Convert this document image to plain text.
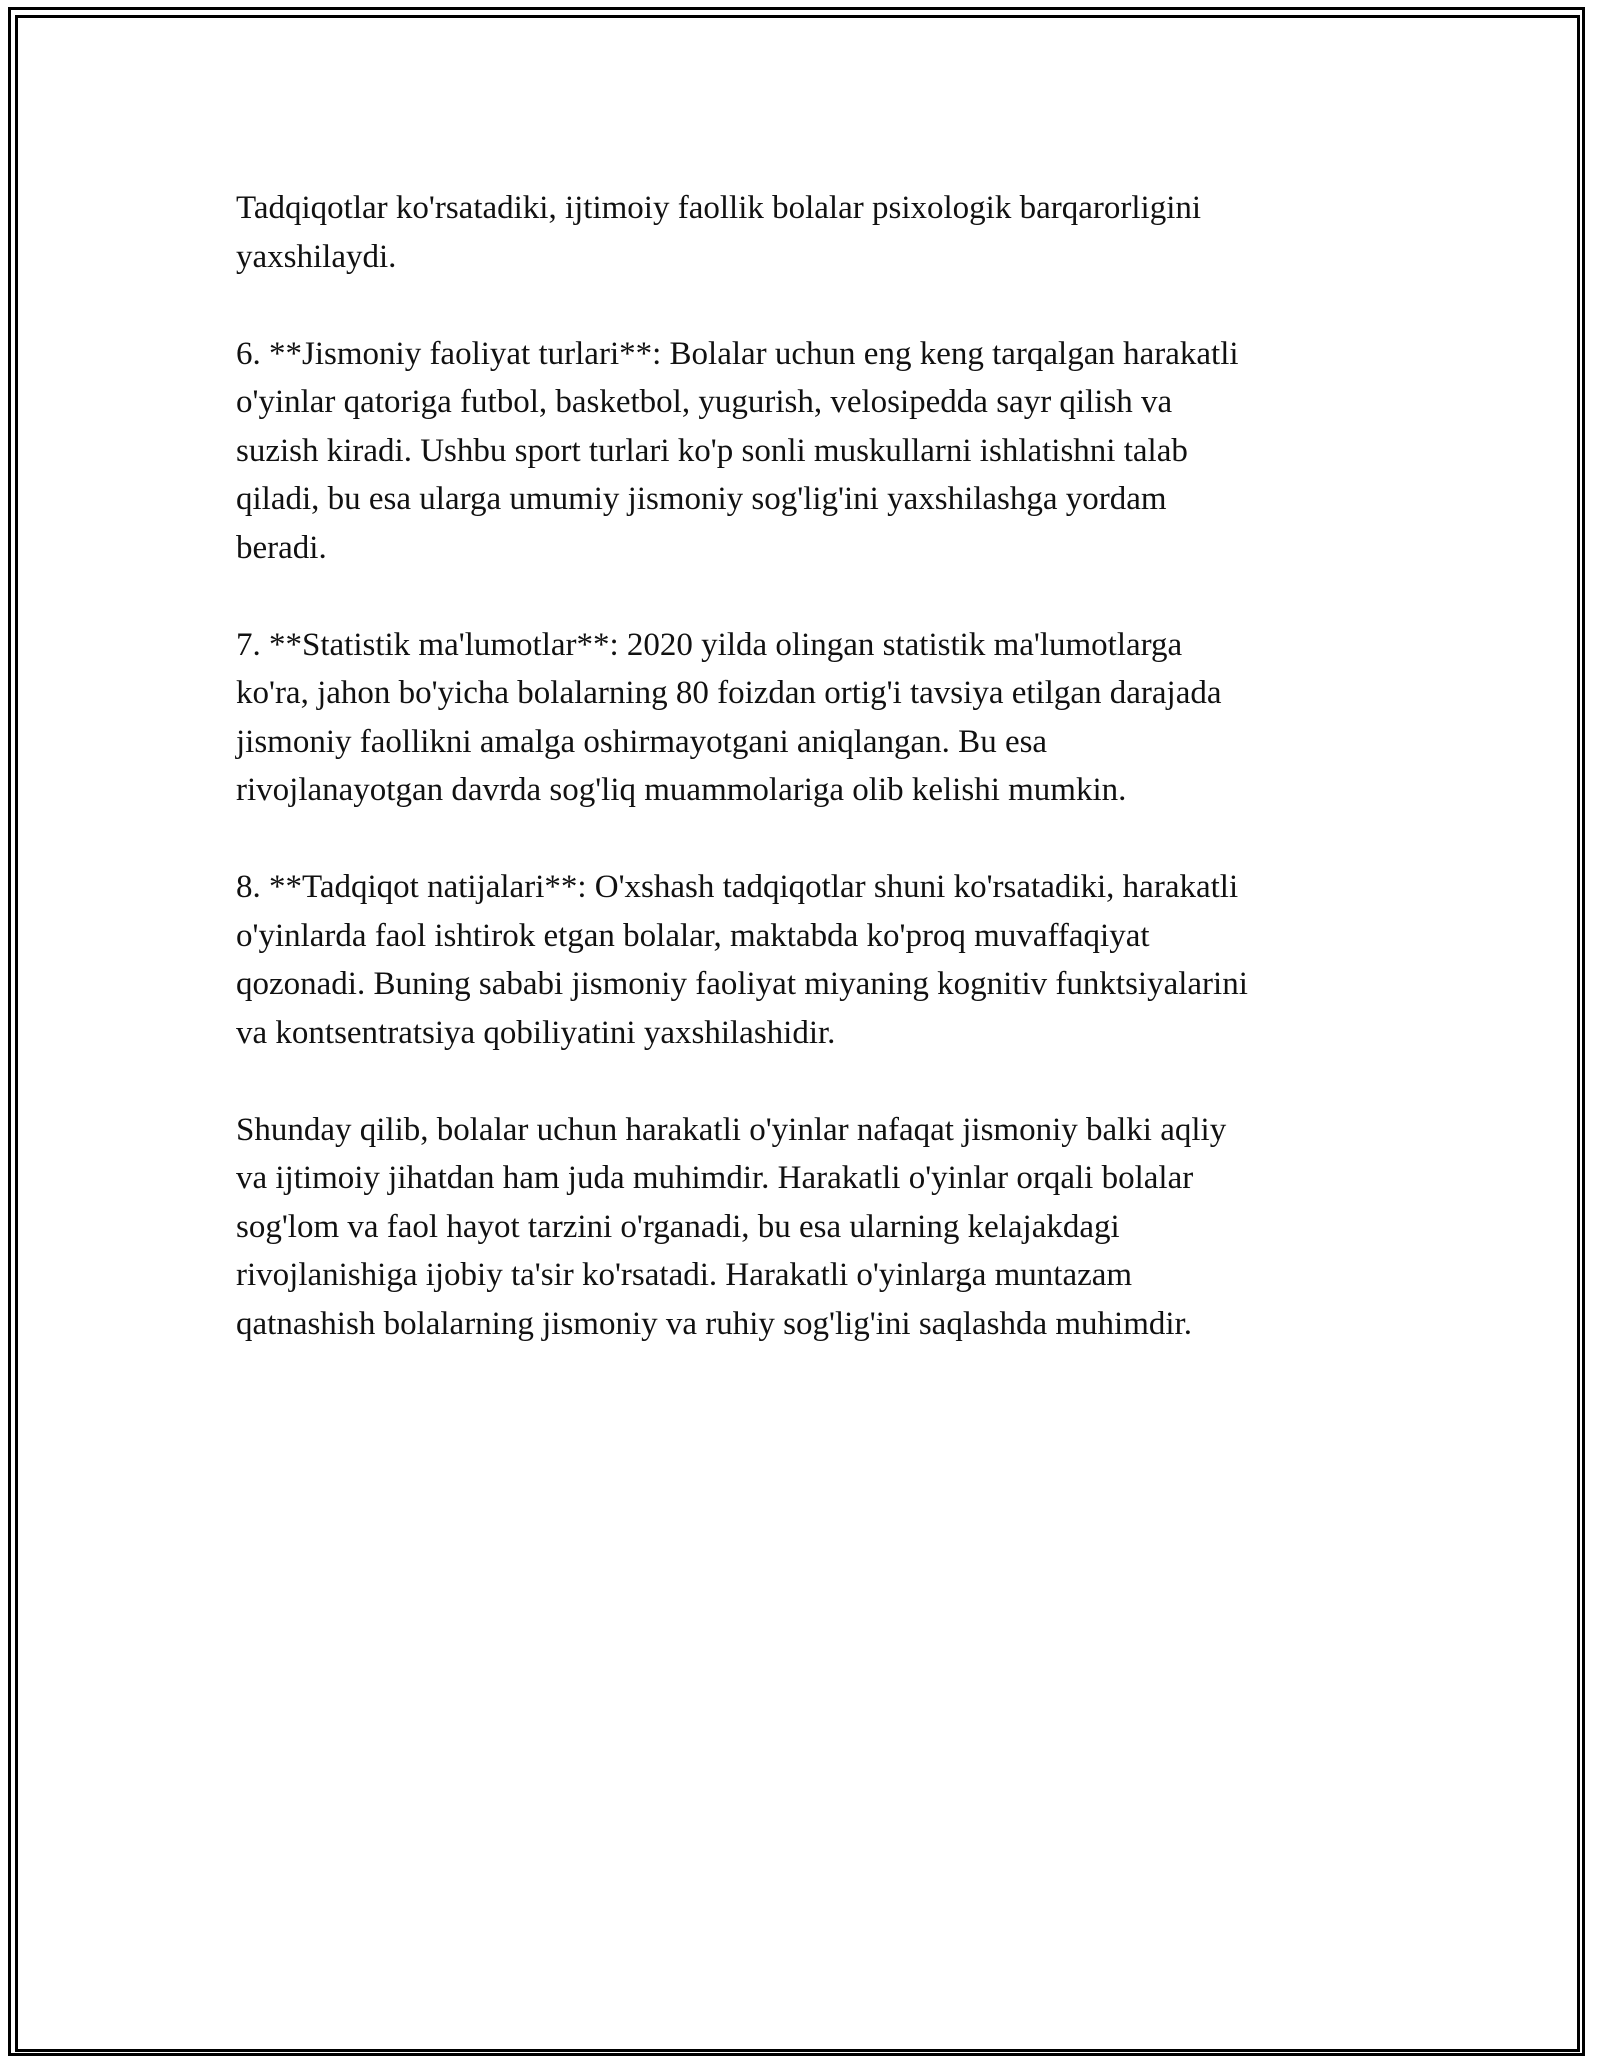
Tadqiqotlar ko'rsatadiki, ijtimoiy faollik bolalar psixologik barqarorligini
yaxshilaydi.

6. **Jismoniy faoliyat turlari**: Bolalar uchun eng keng tarqalgan harakatli
o'yinlar qatoriga futbol, basketbol, yugurish, velosipedda sayr qilish va
suzish kiradi. Ushbu sport turlari ko'p sonli muskullarni ishlatishni talab
qiladi, bu esa ularga umumiy jismoniy sog'lig'ini yaxshilashga yordam
beradi.

7. **Statistik ma'lumotlar**: 2020 yilda olingan statistik ma'lumotlarga
ko'ra, jahon bo'yicha bolalarning 80 foizdan ortig'i tavsiya etilgan darajada
jismoniy faollikni amalga oshirmayotgani aniqlangan. Bu esa
rivojlanayotgan davrda sog'liq muammolariga olib kelishi mumkin.

8. **Tadqiqot natijalari**: O'xshash tadqiqotlar shuni ko'rsatadiki, harakatli
o'yinlarda faol ishtirok etgan bolalar, maktabda ko'proq muvaffaqiyat
qozonadi. Buning sababi jismoniy faoliyat miyaning kognitiv funktsiyalarini
va kontsentratsiya qobiliyatini yaxshilashidir.

Shunday qilib, bolalar uchun harakatli o'yinlar nafaqat jismoniy balki aqliy
va ijtimoiy jihatdan ham juda muhimdir. Harakatli o'yinlar orqali bolalar
sog'lom va faol hayot tarzini o'rganadi, bu esa ularning kelajakdagi
rivojlanishiga ijobiy ta'sir ko'rsatadi. Harakatli o'yinlarga muntazam
qatnashish bolalarning jismoniy va ruhiy sog'lig'ini saqlashda muhimdir.
